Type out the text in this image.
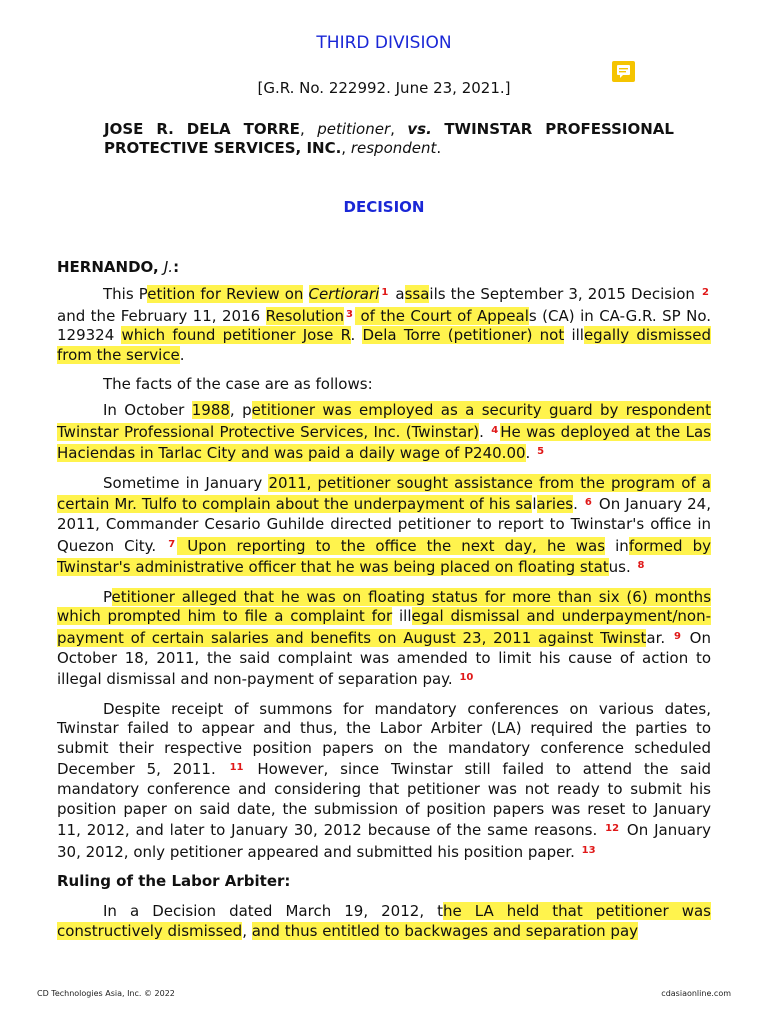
THIRD DIVISION
[G.R. No. 222992. June 23, 2021.]
JOSE R. DELA TORRE, petitioner, vs. TWINSTAR PROFESSIONAL PROTECTIVE SERVICES, INC., respondent.
DECISION
HERNANDO, J.:

This Petition for Review on Certiorari $^1$ assails the September 3, 2015 Decision $^2$ and the February 11, 2016 Resolution $^3$ of the Court of Appeals (CA) in CA-G.R. SP No. 129324 which found petitioner Jose R. Dela Torre (petitioner) not illegally dismissed from the service.

The facts of the case are as follows:

In October 1988, petitioner was employed as a security guard by respondent Twinstar Professional Protective Services, Inc. (Twinstar). $^4$ He was deployed at the Las Haciendas in Tarlac City and was paid a daily wage of P240.00. $^5$

Sometime in January 2011, petitioner sought assistance from the program of a certain Mr. Tulfo to complain about the underpayment of his salaries. $^6$ On January 24, 2011, Commander Cesario Guhilde directed petitioner to report to Twinstar's office in Quezon City. $^7$ Upon reporting to the office the next day, he was informed by Twinstar's administrative officer that he was being placed on floating status. $^8$

Petitioner alleged that he was on floating status for more than six (6) months which prompted him to file a complaint for illegal dismissal and underpayment/non-payment of certain salaries and benefits on August 23, 2011 against Twinstar. $^9$ On October 18, 2011, the said complaint was amended to limit his cause of action to illegal dismissal and non-payment of separation pay. $^{10}$

Despite receipt of summons for mandatory conferences on various dates, Twinstar failed to appear and thus, the Labor Arbiter (LA) required the parties to submit their respective position papers on the mandatory conference scheduled December 5, 2011. $^{11}$ However, since Twinstar still failed to attend the said mandatory conference and considering that petitioner was not ready to submit his position paper on said date, the submission of position papers was reset to January 11, 2012, and later to January 30, 2012 because of the same reasons. $^{12}$ On January 30, 2012, only petitioner appeared and submitted his position paper. $^{13}$

Ruling of the Labor Arbiter:

In a Decision dated March 19, 2012, the LA held that petitioner was constructively dismissed, and thus entitled to backwages and separation pay

CD Technologies Asia, Inc. © 2022	cdasiaonline.com
